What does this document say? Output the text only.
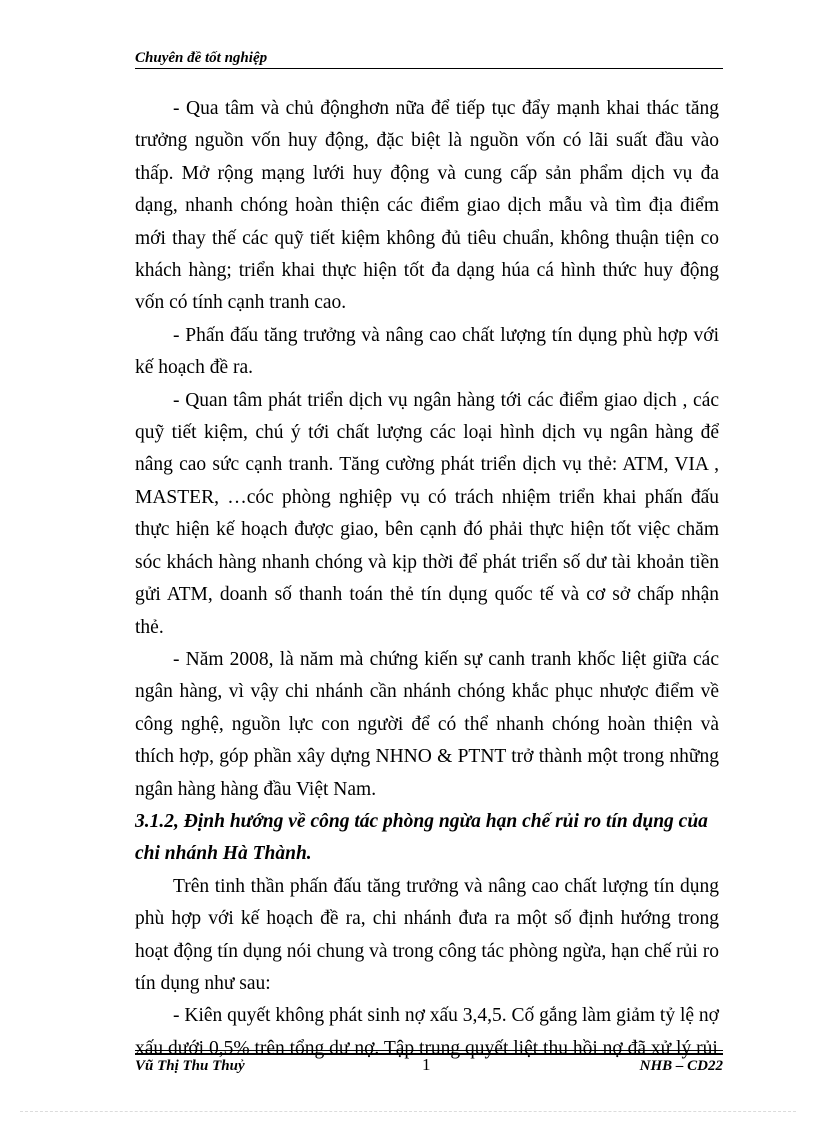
Chuyên đề tốt nghiệp

- Qua tâm và chủ độnghơn nữa để tiếp tục đẩy mạnh khai thác tăng trưởng nguồn vốn huy động, đặc biệt là nguồn vốn có lãi suất đầu vào thấp. Mở rộng mạng lưới huy động và cung cấp sản phẩm dịch vụ đa dạng, nhanh chóng hoàn thiện các điểm giao dịch mẫu và tìm địa điểm mới thay thế các quỹ tiết kiệm không đủ tiêu chuẩn, không thuận tiện co khách hàng; triển khai thực hiện tốt đa dạng húa cá hình thức huy động vốn có tính cạnh tranh cao.

- Phấn đấu tăng trưởng và nâng cao chất lượng tín dụng phù hợp với kế hoạch đề ra.

- Quan tâm phát triển dịch vụ ngân hàng tới các điểm giao dịch , các quỹ tiết kiệm, chú ý tới chất lượng các loại hình dịch vụ ngân hàng để nâng cao sức cạnh tranh. Tăng cường phát triển dịch vụ thẻ: ATM, VIA , MASTER, …cóc phòng nghiệp vụ có trách nhiệm triển khai phấn đấu thực hiện kế hoạch được giao, bên cạnh đó phải thực hiện tốt việc chăm sóc khách hàng nhanh chóng và kịp thời để phát triển số dư tài khoản tiền gửi ATM, doanh số thanh toán thẻ tín dụng quốc tế và cơ sở chấp nhận thẻ.

- Năm 2008, là năm mà chứng kiến sự canh tranh khốc liệt giữa các ngân hàng, vì vậy chi nhánh cần nhánh chóng khắc phục nhược điểm về công nghệ, nguồn lực con người để có thể nhanh chóng hoàn thiện và thích hợp, góp phần xây dựng NHNO & PTNT trở thành một trong những ngân hàng hàng đầu Việt Nam.

3.1.2, Định hướng về công tác phòng ngừa hạn chế rủi ro tín dụng của chi nhánh Hà Thành.

Trên tinh thần phấn đấu tăng trưởng và nâng cao chất lượng tín dụng phù hợp với kế hoạch đề ra, chi nhánh đưa ra một số định hướng trong hoạt động tín dụng nói chung và trong công tác phòng ngừa, hạn chế rủi ro tín dụng như sau:

- Kiên quyết không phát sinh nợ xấu 3,4,5. Cố gắng làm giảm tỷ lệ nợ xấu dưới 0,5% trên tổng dư nợ. Tập trung quyết liệt thu hồi nợ đã xử lý rủi

Vũ Thị Thu Thuỷ	1	NHB – CD22
